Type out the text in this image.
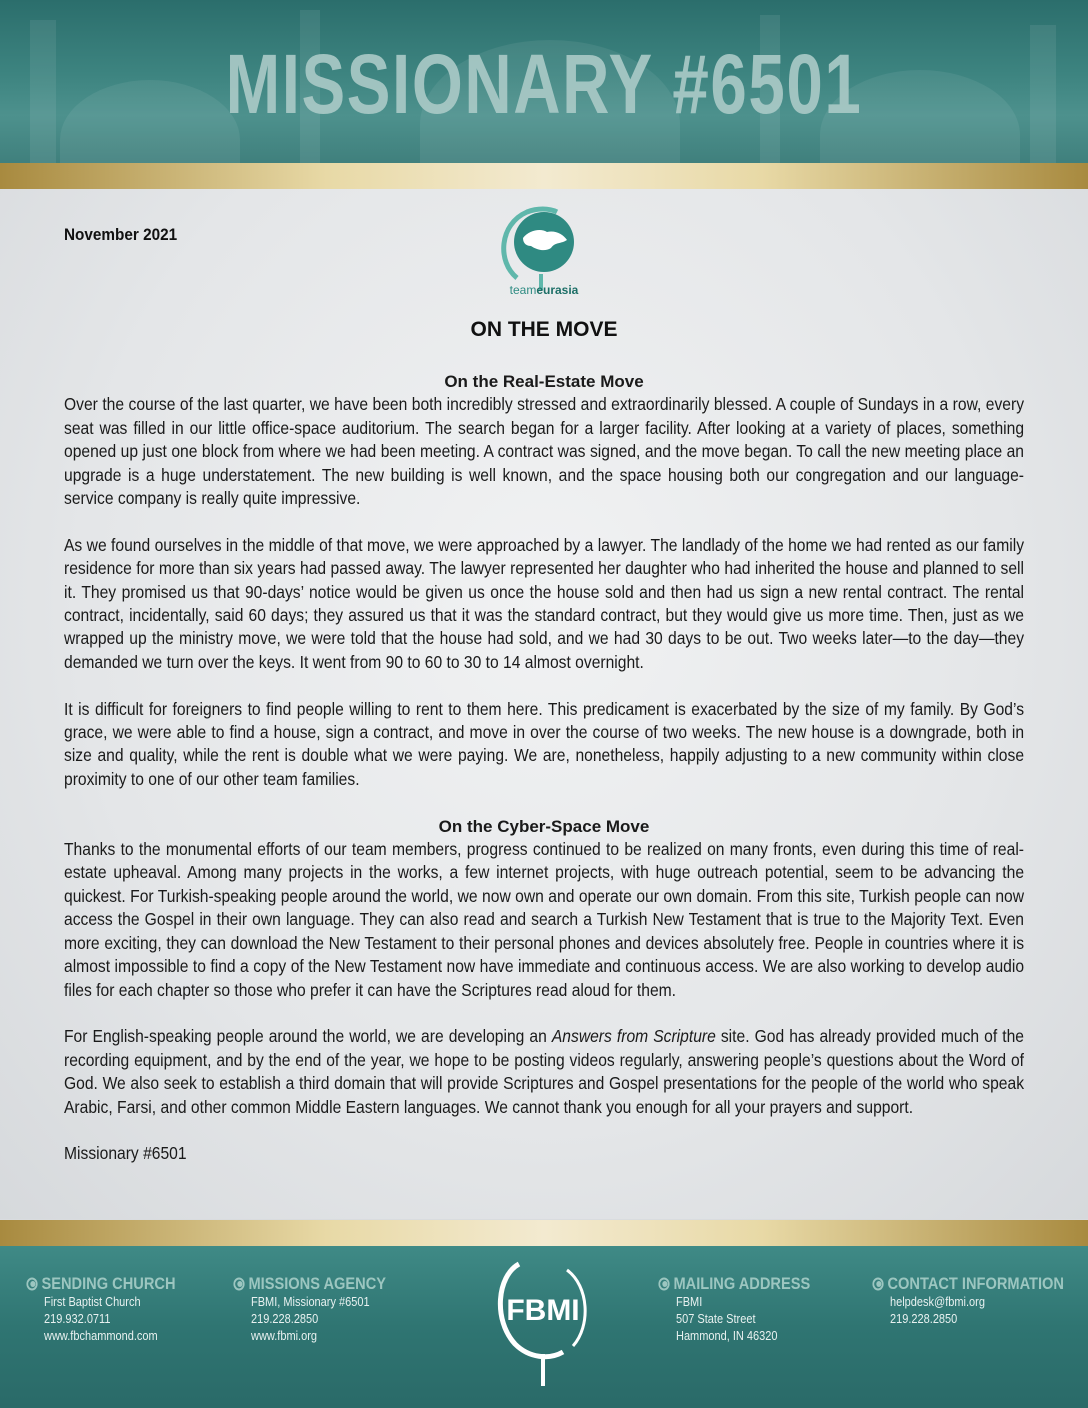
MISSIONARY #6501
November 2021
teameurasia
ON THE MOVE
On the Real-Estate Move

Over the course of the last quarter, we have been both incredibly stressed and extraordinarily blessed. A couple of Sundays in a row, every seat was filled in our little office-space auditorium. The search began for a larger facility. After looking at a variety of places, something opened up just one block from where we had been meeting. A contract was signed, and the move began. To call the new meeting place an upgrade is a huge understatement. The new building is well known, and the space housing both our congregation and our language-service company is really quite impressive.

As we found ourselves in the middle of that move, we were approached by a lawyer. The landlady of the home we had rented as our family residence for more than six years had passed away. The lawyer represented her daughter who had inherited the house and planned to sell it. They promised us that 90-days’ notice would be given us once the house sold and then had us sign a new rental contract. The rental contract, incidentally, said 60 days; they assured us that it was the standard contract, but they would give us more time. Then, just as we wrapped up the ministry move, we were told that the house had sold, and we had 30 days to be out. Two weeks later—to the day—they demanded we turn over the keys. It went from 90 to 60 to 30 to 14 almost overnight.

It is difficult for foreigners to find people willing to rent to them here. This predicament is exacerbated by the size of my family. By God’s grace, we were able to find a house, sign a contract, and move in over the course of two weeks. The new house is a downgrade, both in size and quality, while the rent is double what we were paying. We are, nonetheless, happily adjusting to a new community within close proximity to one of our other team families.

On the Cyber-Space Move

Thanks to the monumental efforts of our team members, progress continued to be realized on many fronts, even during this time of real-estate upheaval. Among many projects in the works, a few internet projects, with huge outreach potential, seem to be advancing the quickest. For Turkish-speaking people around the world, we now own and operate our own domain. From this site, Turkish people can now access the Gospel in their own language. They can also read and search a Turkish New Testament that is true to the Majority Text. Even more exciting, they can download the New Testament to their personal phones and devices absolutely free. People in countries where it is almost impossible to find a copy of the New Testament now have immediate and continuous access. We are also working to develop audio files for each chapter so those who prefer it can have the Scriptures read aloud for them.

For English-speaking people around the world, we are developing an Answers from Scripture site. God has already provided much of the recording equipment, and by the end of the year, we hope to be posting videos regularly, answering people’s questions about the Word of God. We also seek to establish a third domain that will provide Scriptures and Gospel presentations for the people of the world who speak Arabic, Farsi, and other common Middle Eastern languages. We cannot thank you enough for all your prayers and support.

Missionary #6501

SENDING CHURCH
First Baptist Church
219.932.0711
www.fbchammond.com
MISSIONS AGENCY
FBMI, Missionary #6501
219.228.2850
www.fbmi.org
FBMI
MAILING ADDRESS
FBMI
507 State Street
Hammond, IN 46320
CONTACT INFORMATION
helpdesk@fbmi.org
219.228.2850
